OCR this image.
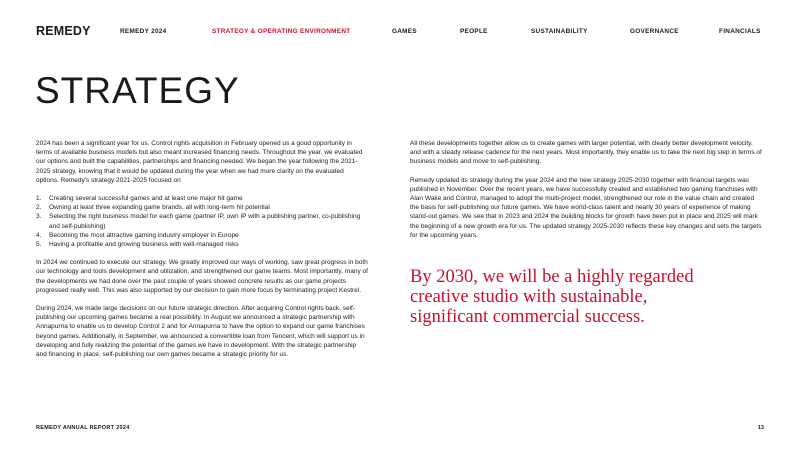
REMEDY	REMEDY 2024	STRATEGY & OPERATING ENVIRONMENT	GAMES	PEOPLE	SUSTAINABILITY	GOVERNANCE	FINANCIALS
STRATEGY

2024 has been a significant year for us. Control rights acquisition in February opened us a good opportunity in terms of available business models but also meant increased financing needs. Throughout the year, we evaluated our options and built the capabilities, partnerships and financing needed. We began the year following the 2021-2025 strategy, knowing that it would be updated during the year when we had more clarity on the evaluated options. Remedy's strategy 2021-2025 focused on

1. Creating several successful games and at least one major hit game
2. Owning at least three expanding game brands, all with long-term hit potential
3. Selecting the right business model for each game (partner IP, own IP with a publishing partner, co-publishing and self-publishing)
4. Becoming the most attractive gaming industry employer in Europe
5. Having a profitable and growing business with well-managed risks

In 2024 we continued to execute our strategy. We greatly improved our ways of working, saw great progress in both our technology and tools development and utilization, and strengthened our game teams. Most importantly, many of the developments we had done over the past couple of years showed concrete results as our game projects progressed really well. This was also supported by our decision to gain more focus by terminating project Kestrel.

During 2024, we made large decisions on our future strategic direction. After acquiring Control rights back, self-publishing our upcoming games became a real possibility. In August we announced a strategic partnership with Annapurna to enable us to develop Control 2 and for Annapurna to have the option to expand our game franchises beyond games. Additionally, in September, we announced a convertible loan from Tencent, which will support us in developing and fully realizing the potential of the games we have in development. With the strategic partnership and financing in place, self-publishing our own games became a strategic priority for us.

All these developments together allow us to create games with larger potential, with clearly better development velocity, and with a steady release cadence for the next years. Most importantly, they enable us to take the next big step in terms of business models and move to self-publishing.

Remedy updated its strategy during the year 2024 and the new strategy 2025-2030 together with financial targets was published in November. Over the recent years, we have successfully created and established two gaming franchises with Alan Wake and Control, managed to adopt the multi-project model, strengthened our role in the value chain and created the basis for self-publishing our future games. We have world-class talent and nearly 30 years of experience of making stand-out games. We see that in 2023 and 2024 the building blocks for growth have been put in place and 2025 will mark the beginning of a new growth era for us. The updated strategy 2025-2030 reflects these key changes and sets the targets for the upcoming years.

By 2030, we will be a highly regarded creative studio with sustainable, significant commercial success.
REMEDY ANNUAL REPORT 2024	13
